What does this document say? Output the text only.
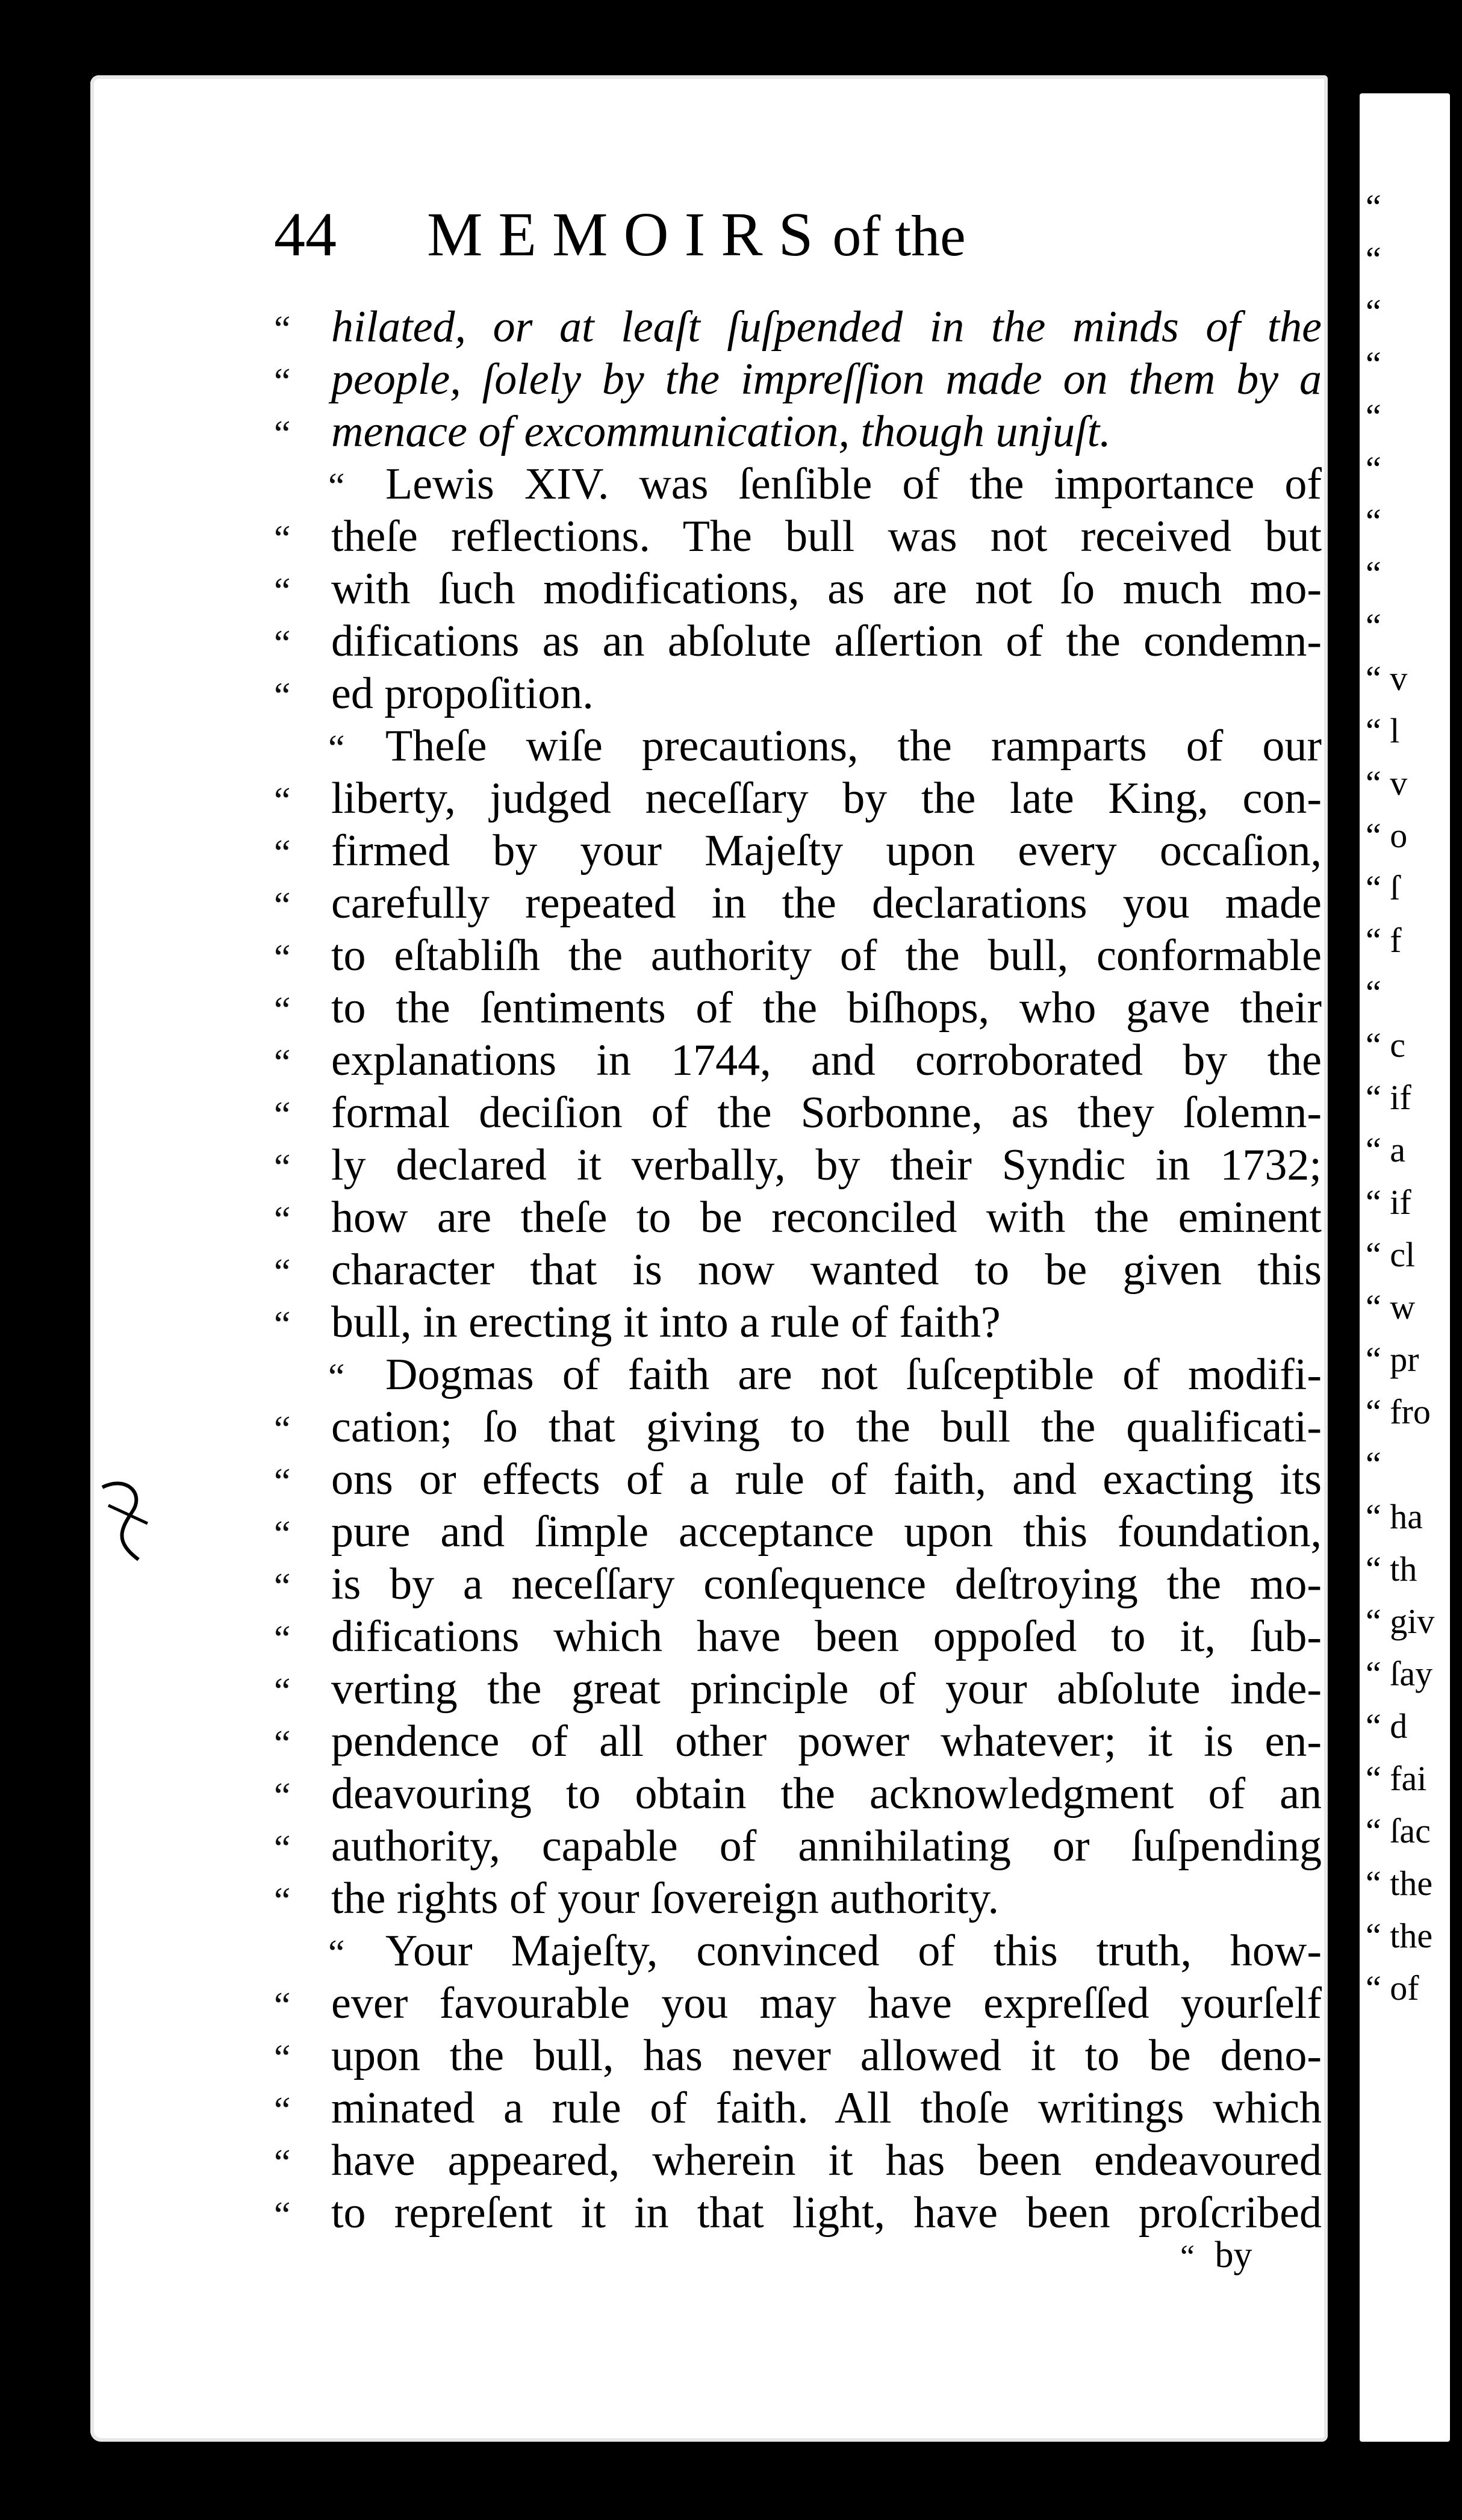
44 MEMOIRS of the
“ hilated, or at leaſt ſuſpended in the minds of the
“ people, ſolely by the impreſſion made on them by a
“ menace of excommunication, though unjuſt.
“ Lewis XIV. was ſenſible of the importance of
“ theſe reflections. The bull was not received but
“ with ſuch modifications, as are not ſo much mo-
“ difications as an abſolute aſſertion of the condemn-
“ ed propoſition.
“ Theſe wiſe precautions, the ramparts of our
“ liberty, judged neceſſary by the late King, con-
“ firmed by your Majeſty upon every occaſion,
“ carefully repeated in the declarations you made
“ to eſtabliſh the authority of the bull, conformable
“ to the ſentiments of the biſhops, who gave their
“ explanations in 1744, and corroborated by the
“ formal deciſion of the Sorbonne, as they ſolemn-
“ ly declared it verbally, by their Syndic in 1732;
“ how are theſe to be reconciled with the eminent
“ character that is now wanted to be given this
“ bull, in erecting it into a rule of faith?
“ Dogmas of faith are not ſuſceptible of modifi-
“ cation; ſo that giving to the bull the qualificati-
“ ons or effects of a rule of faith, and exacting its
“ pure and ſimple acceptance upon this foundation,
“ is by a neceſſary conſequence deſtroying the mo-
“ difications which have been oppoſed to it, ſub-
“ verting the great principle of your abſolute inde-
“ pendence of all other power whatever; it is en-
“ deavouring to obtain the acknowledgment of an
“ authority, capable of annihilating or ſuſpending
“ the rights of your ſovereign authority.
“ Your Majeſty, convinced of this truth, how-
“ ever favourable you may have expreſſed yourſelf
“ upon the bull, has never allowed it to be deno-
“ minated a rule of faith. All thoſe writings which
“ have appeared, wherein it has been endeavoured
“ to repreſent it in that light, have been proſcribed
“ by
“
“
“
“
“
“
“
“
“
“ v
“ l
“ v
“ o
“ ſ
“ f
“
“ c
“ if
“ a
“ if
“ cl
“ w
“ pr
“ fro
“
“ ha
“ th
“ giv
“ ſay
“ d
“ fai
“ ſac
“ the
“ the
“ of
